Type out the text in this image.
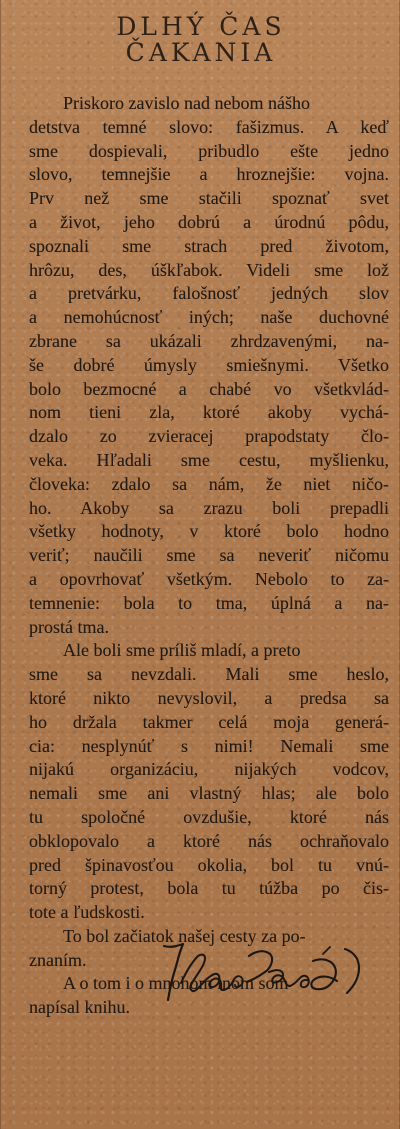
DLHÝ ČAS
ČAKANIA
Priskoro zavislo nad nebom nášho
detstva temné slovo: fašizmus. A keď
sme dospievali, pribudlo ešte jedno
slovo, temnejšie a hroznejšie: vojna.
Prv než sme stačili spoznať svet
a život, jeho dobrú a úrodnú pôdu,
spoznali sme strach pred životom,
hrôzu, des, úškľabok. Videli sme lož
a pretvárku, falošnosť jedných slov
a nemohúcnosť iných; naše duchovné
zbrane sa ukázali zhrdzavenými, na-
še dobré úmysly smiešnymi. Všetko
bolo bezmocné a chabé vo všetkvlád-
nom tieni zla, ktoré akoby vychá-
dzalo zo zvieracej prapodstaty člo-
veka. Hľadali sme cestu, myšlienku,
človeka: zdalo sa nám, že niet ničo-
ho. Akoby sa zrazu boli prepadli
všetky hodnoty, v ktoré bolo hodno
veriť; naučili sme sa neveriť ničomu
a opovrhovať všetkým. Nebolo to za-
temnenie: bola to tma, úplná a na-
prostá tma.
Ale boli sme príliš mladí, a preto
sme sa nevzdali. Mali sme heslo,
ktoré nikto nevyslovil, a predsa sa
ho držala takmer celá moja generá-
cia: nesplynúť s nimi! Nemali sme
nijakú organizáciu, nijakých vodcov,
nemali sme ani vlastný hlas; ale bolo
tu spoločné ovzdušie, ktoré nás
obklopovalo a ktoré nás ochraňovalo
pred špinavosťou okolia, bol tu vnú-
torný protest, bola tu túžba po čis-
tote a ľudskosti.
To bol začiatok našej cesty za po-
znaním.
A o tom i o mnohom inom som
napísal knihu.
